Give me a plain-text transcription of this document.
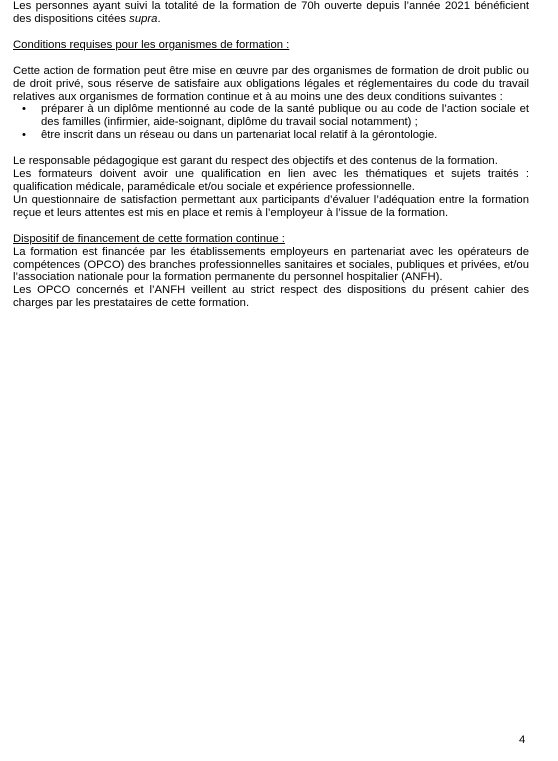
Les personnes ayant suivi la totalité de la formation de 70h ouverte depuis l’année 2021 bénéficient des dispositions citées supra.

Conditions requises pour les organismes de formation :

Cette action de formation peut être mise en œuvre par des organismes de formation de droit public ou de droit privé, sous réserve de satisfaire aux obligations légales et réglementaires du code du travail relatives aux organismes de formation continue et à au moins une des deux conditions suivantes :

• préparer à un diplôme mentionné au code de la santé publique ou au code de l’action sociale et des familles (infirmier, aide-soignant, diplôme du travail social notamment) ;
• être inscrit dans un réseau ou dans un partenariat local relatif à la gérontologie.

Le responsable pédagogique est garant du respect des objectifs et des contenus de la formation.

Les formateurs doivent avoir une qualification en lien avec les thématiques et sujets traités : qualification médicale, paramédicale et/ou sociale et expérience professionnelle.

Un questionnaire de satisfaction permettant aux participants d’évaluer l’adéquation entre la formation reçue et leurs attentes est mis en place et remis à l’employeur à l’issue de la formation.

Dispositif de financement de cette formation continue :

La formation est financée par les établissements employeurs en partenariat avec les opérateurs de compétences (OPCO) des branches professionnelles sanitaires et sociales, publiques et privées, et/ou l’association nationale pour la formation permanente du personnel hospitalier (ANFH).

Les OPCO concernés et l’ANFH veillent au strict respect des dispositions du présent cahier des charges par les prestataires de cette formation.

4
